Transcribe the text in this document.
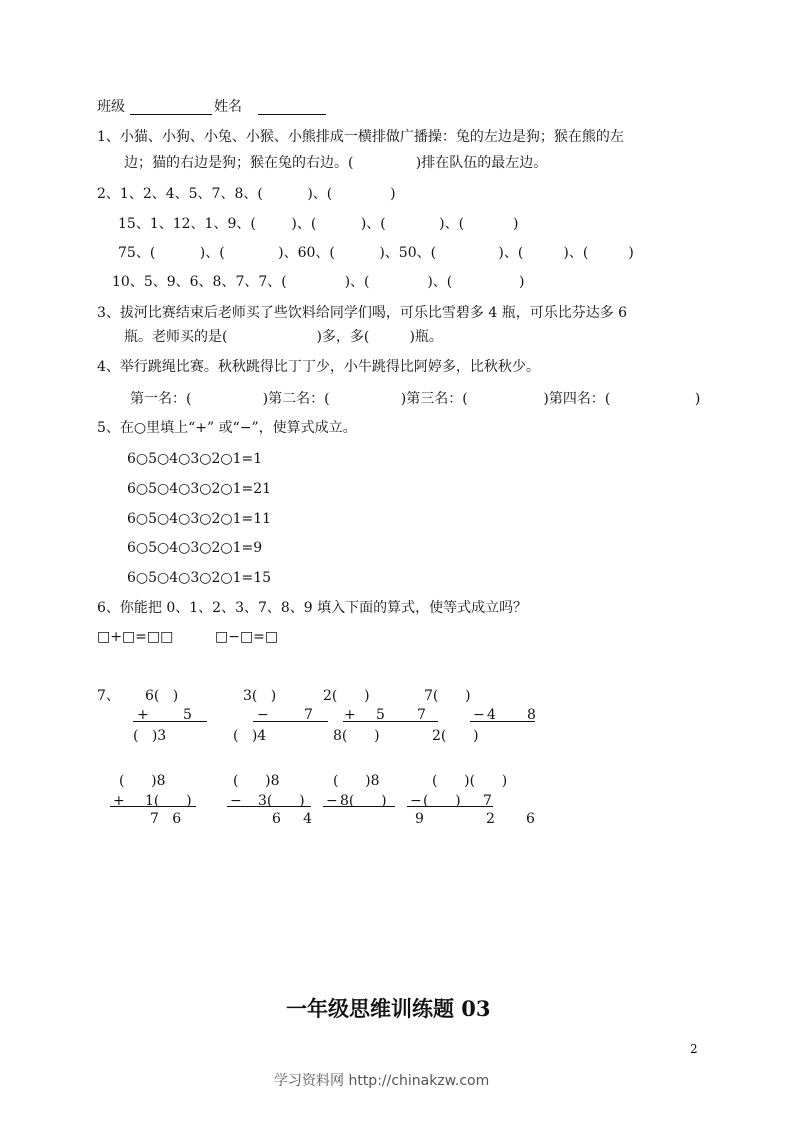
班级	姓名
1、小猫、小狗、小兔、小猴、小熊排成一横排做广播操：兔的左边是狗；猴在熊的左
边；猫的右边是狗；猴在兔的右边。(              )排在队伍的最左边。
2、1、2、4、5、7、8、(          )、(             )
15、1、12、1、9、(        )、(          )、(            )、(           )
75、(          )、(            )、60、(          )、50、(              )、(         )、(         )
10、5、9、6、8、7、7、(             )、(             )、(               )
3、拔河比赛结束后老师买了些饮料给同学们喝，可乐比雪碧多 4 瓶，可乐比芬达多 6
瓶。老师买的是(                    )多，多(         )瓶。
4、举行跳绳比赛。秋秋跳得比丁丁少，小牛跳得比阿婷多，比秋秋少。
第一名：(                )第二名：(                )第三名：(                 )第四名：(                   )
5、在○里填上“+” 或“−”，使算式成立。
6○5○4○3○2○1=1
6○5○4○3○2○1=21
6○5○4○3○2○1=11
6○5○4○3○2○1=9
6○5○4○3○2○1=15
6、你能把 0、1、2、3、7、8、9 填入下面的算式，使等式成立吗？
□+□=□□	□−□=□
7、 6(   )
+ 5
(   )3
3(   )
−	7
(   )4
2(      )
+ 5 7
8(      )
7(      )
− 4 8
2(      )
(      )8
+ 1(      )
7   6
(      )8
− 3(      )
6     4
(      )8
− 8(      )
9
(      )(      )
− (      ) 7
2       6
一年级思维训练题 03
2
学习资料网 http://chinakzw.com
